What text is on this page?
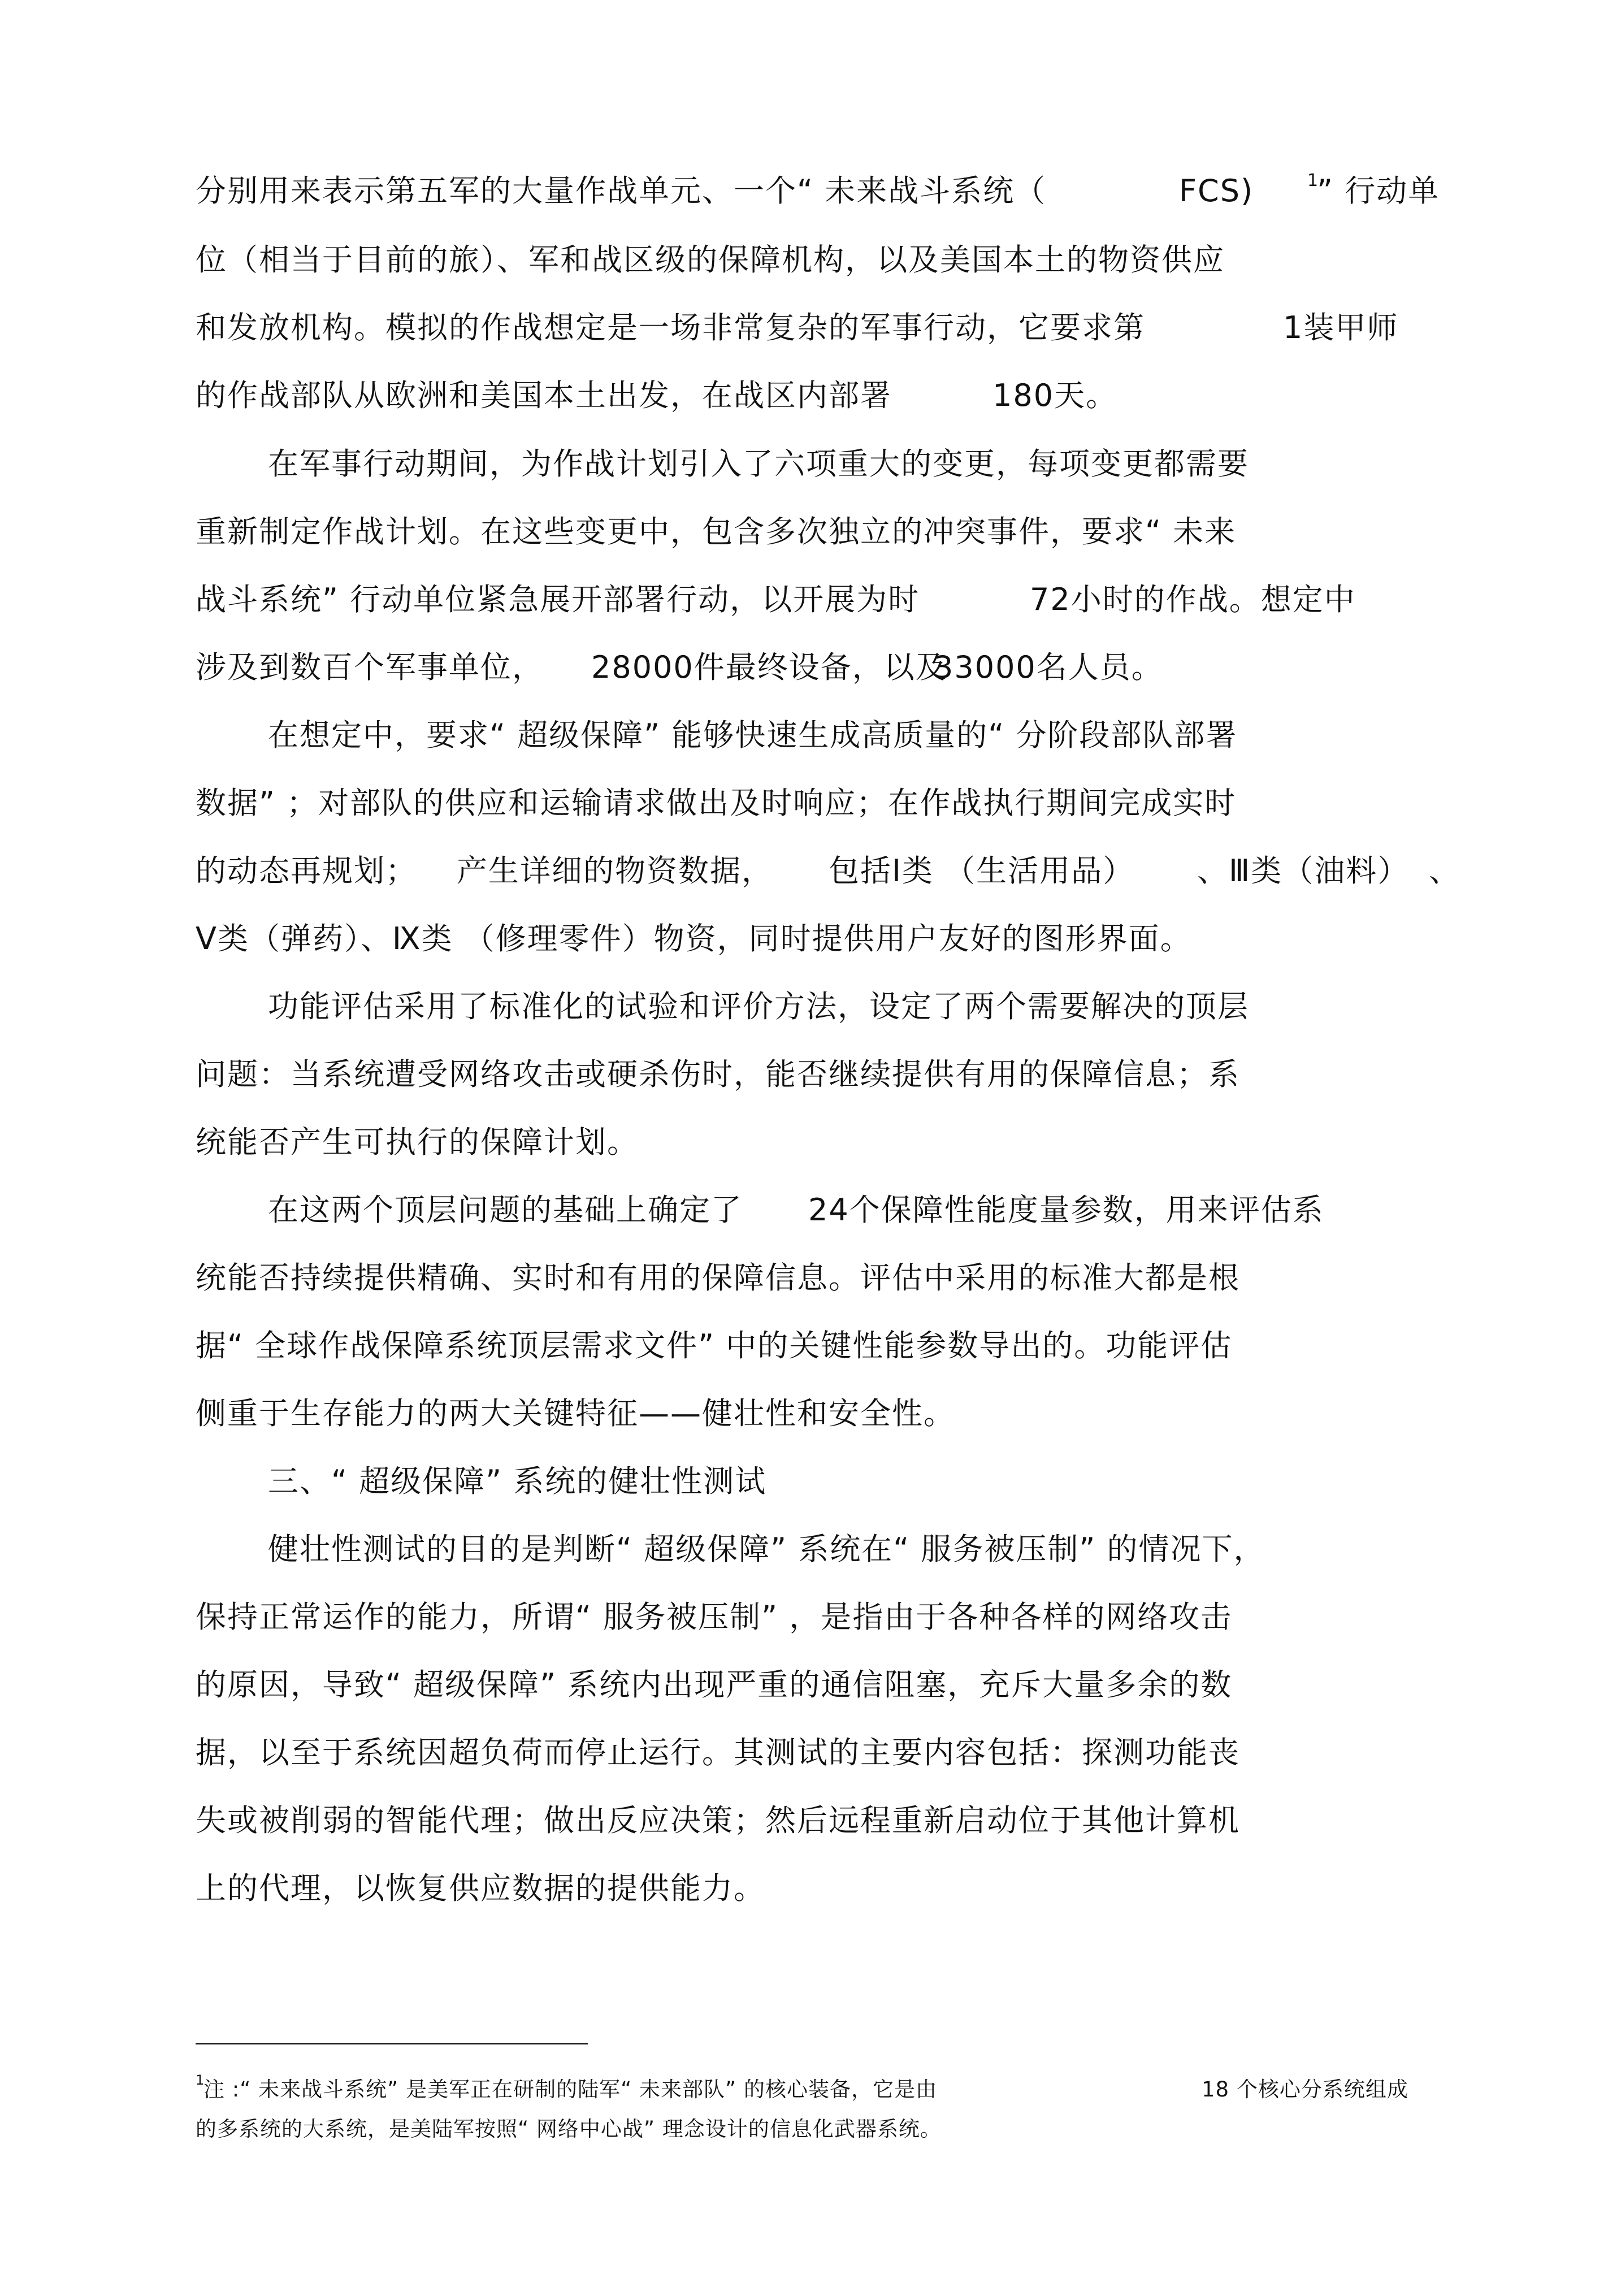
分别用来表示第五军的大量作战单元、一个“ 未来战斗系统（	FCS)	1
” 行动单
位（相当于目前的旅）、军和战区级的保障机构，以及美国本土的物资供应
和发放机构。模拟的作战想定是一场非常复杂的军事行动，它要求第	1装甲师
的作战部队从欧洲和美国本土出发，在战区内部署	180天。
在军事行动期间，为作战计划引入了六项重大的变更，每项变更都需要
重新制定作战计划。在这些变更中，包含多次独立的冲突事件，要求“ 未来
战斗系统” 行动单位紧急展开部署行动，以开展为时	72小时的作战。想定中
涉及到数百个军事单位， 28000件最终设备，以及
33000名人员。
在想定中，要求“ 超级保障” 能够快速生成高质量的“ 分阶段部队部署
数据” ；对部队的供应和运输请求做出及时响应；在作战执行期间完成实时
的动态再规划； 产生详细的物资数据， 包括Ⅰ类 （生活用品） 、Ⅲ类（油料） 、
Ⅴ类（弹药）、Ⅸ类 （修理零件）物资，同时提供用户友好的图形界面。
功能评估采用了标准化的试验和评价方法，设定了两个需要解决的顶层
问题：当系统遭受网络攻击或硬杀伤时，能否继续提供有用的保障信息；系
统能否产生可执行的保障计划。
在这两个顶层问题的基础上确定了 24个保障性能度量参数，用来评估系
统能否持续提供精确、实时和有用的保障信息。评估中采用的标准大都是根
据“ 全球作战保障系统顶层需求文件” 中的关键性能参数导出的。功能评估
侧重于生存能力的两大关键特征——健壮性和安全性。
三、“ 超级保障” 系统的健壮性测试
健壮性测试的目的是判断“ 超级保障” 系统在“ 服务被压制” 的情况下，
保持正常运作的能力，所谓“ 服务被压制” ，是指由于各种各样的网络攻击
的原因，导致“ 超级保障” 系统内出现严重的通信阻塞，充斥大量多余的数
据，以至于系统因超负荷而停止运行。其测试的主要内容包括：探测功能丧
失或被削弱的智能代理；做出反应决策；然后远程重新启动位于其他计算机
上的代理，以恢复供应数据的提供能力。
1
注 :“ 未来战斗系统” 是美军正在研制的陆军“ 未来部队” 的核心装备，它是由	18 个核心分系统组成
的多系统的大系统，是美陆军按照“ 网络中心战” 理念设计的信息化武器系统。
